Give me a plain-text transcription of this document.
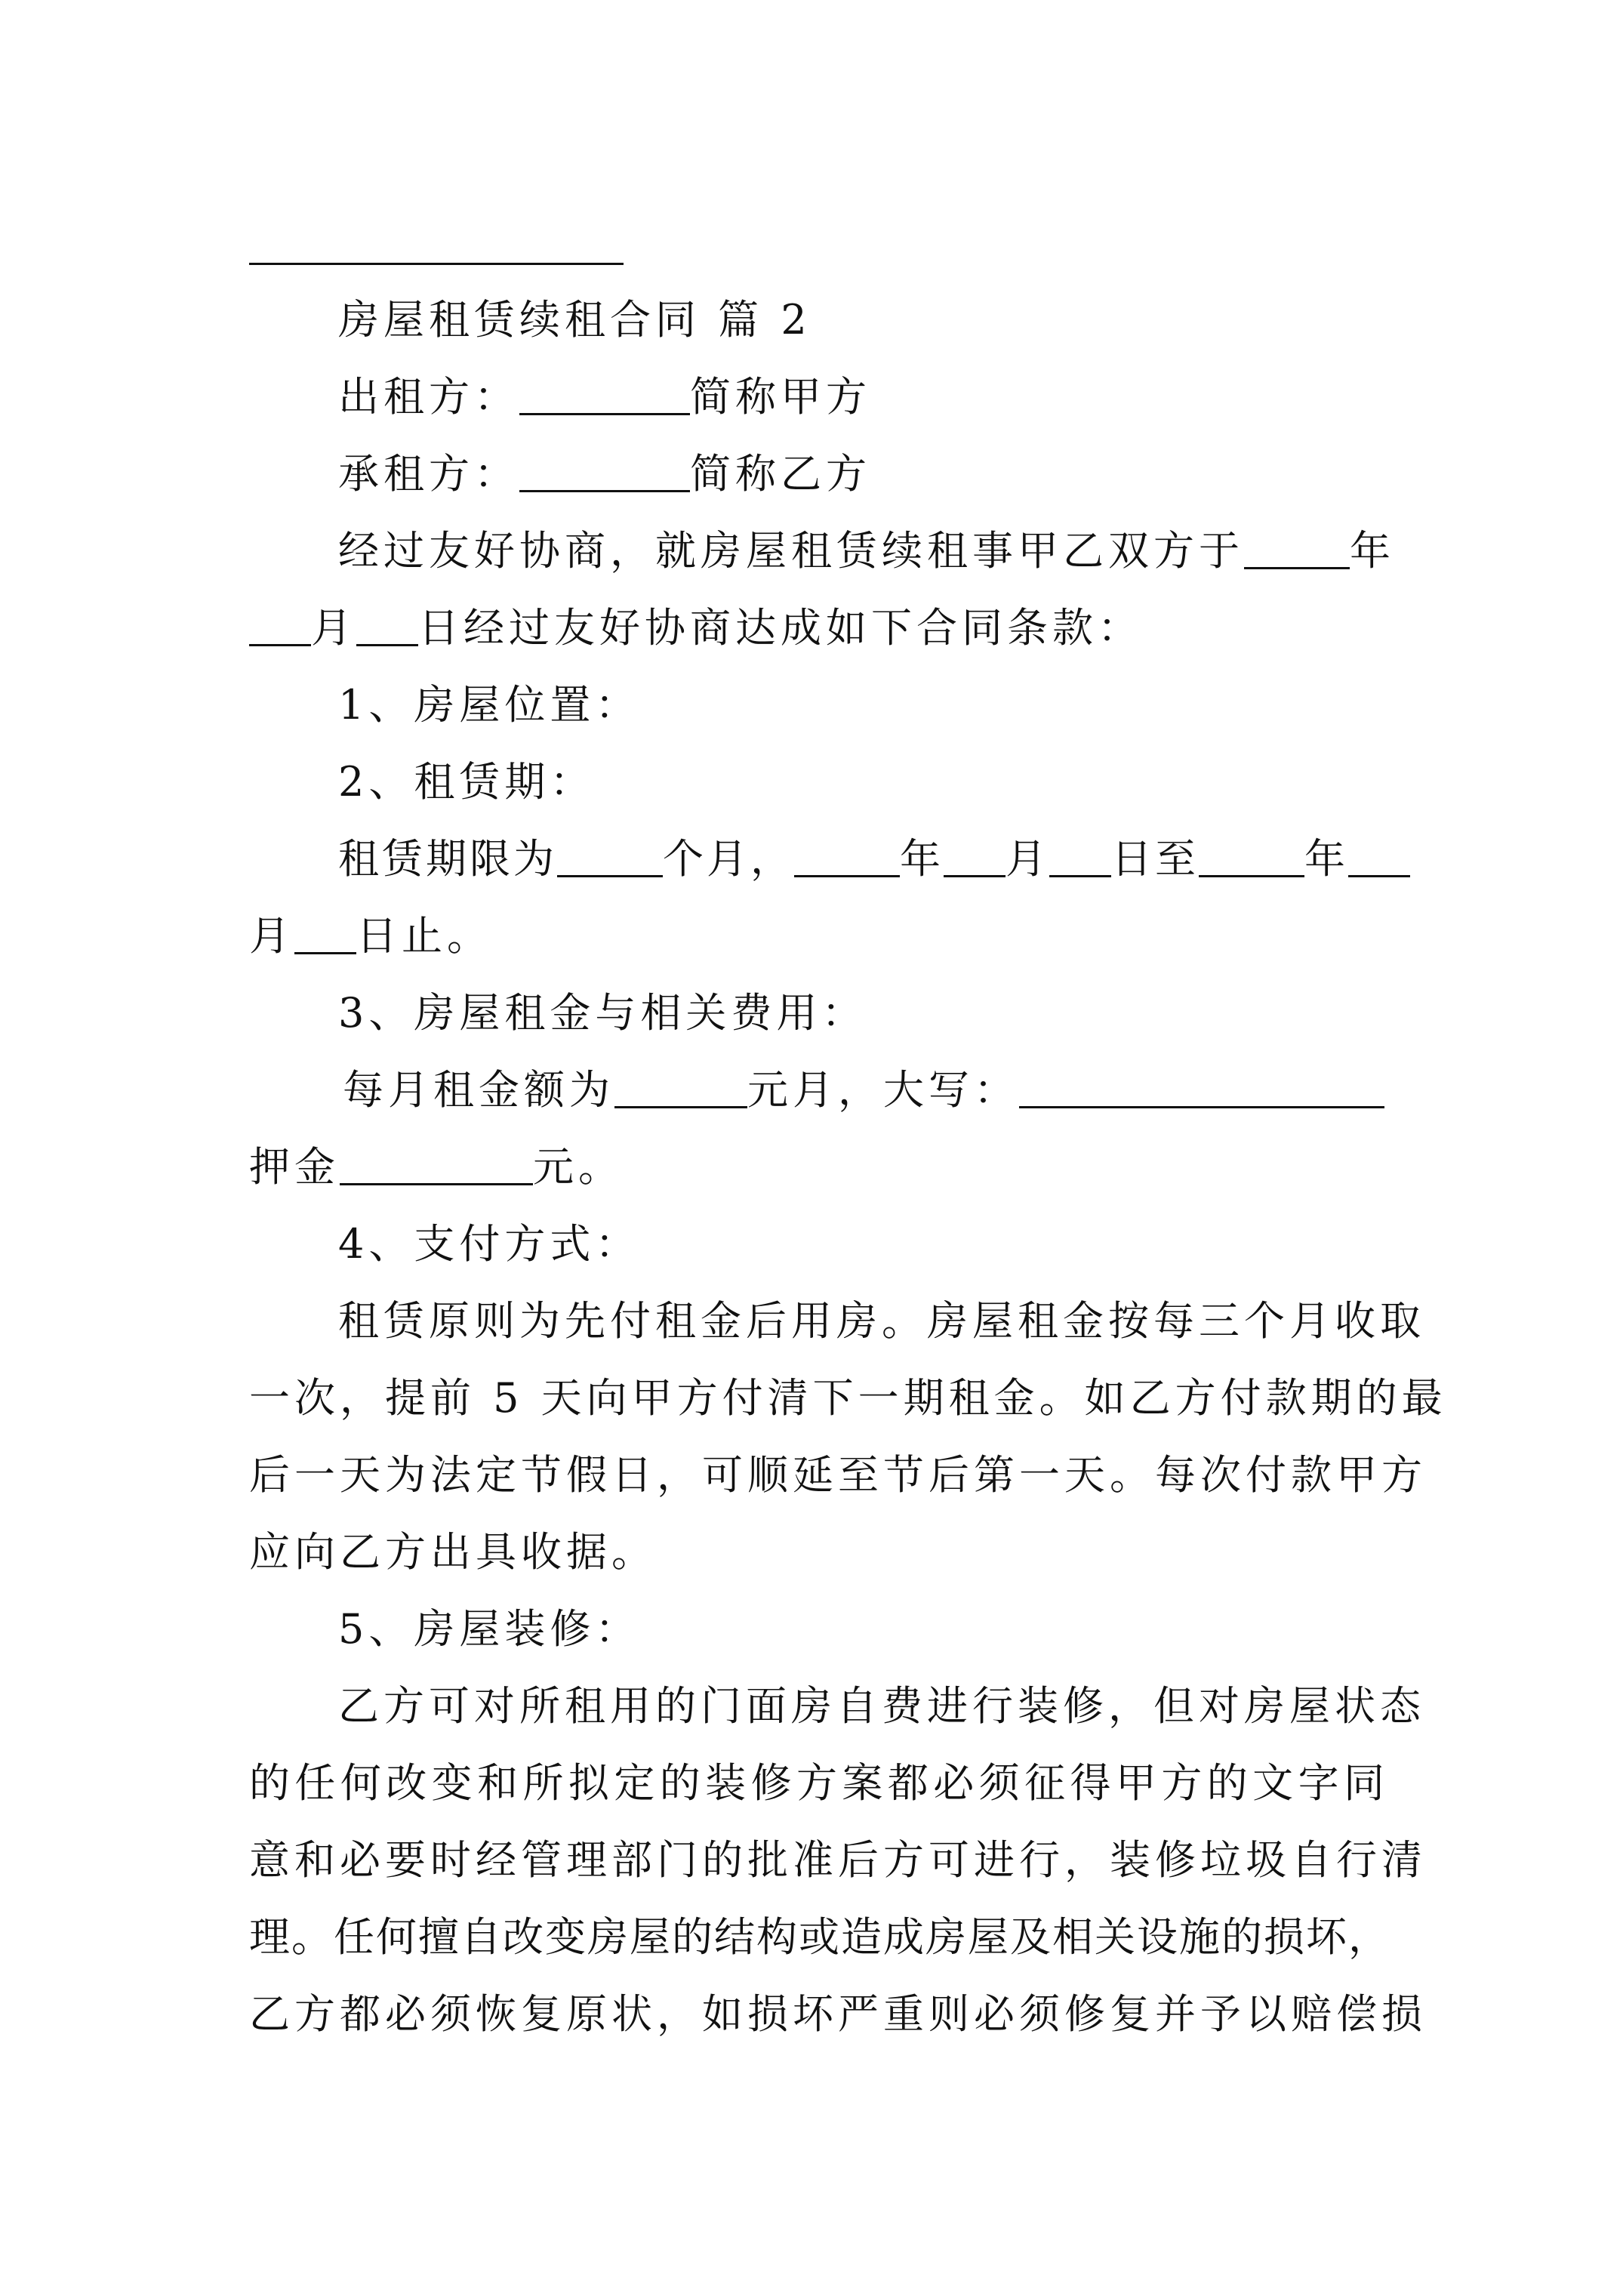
房屋租赁续租合同 篇 2
出租方：	简称甲方
承租方：	简称乙方
经过友好协商，就房屋租赁续租事甲乙双方于	年
月 日经过友好协商达成如下合同条款：
1、房屋位置：
2、租赁期：
租赁期限为	个月，	年 月 日至	年
月 日止。
3、房屋租金与相关费用：
每月租金额为	元月，大写：
押金	元。
4、支付方式：
租赁原则为先付租金后用房。房屋租金按每三个月收取
一次，提前 5 天向甲方付清下一期租金。如乙方付款期的最
后一天为法定节假日，可顺延至节后第一天。每次付款甲方
应向乙方出具收据。
5、房屋装修：
乙方可对所租用的门面房自费进行装修，但对房屋状态
的任何改变和所拟定的装修方案都必须征得甲方的文字同
意和必要时经管理部门的批准后方可进行，装修垃圾自行清
理。任何擅自改变房屋的结构或造成房屋及相关设施的损坏，
乙方都必须恢复原状，如损坏严重则必须修复并予以赔偿损
